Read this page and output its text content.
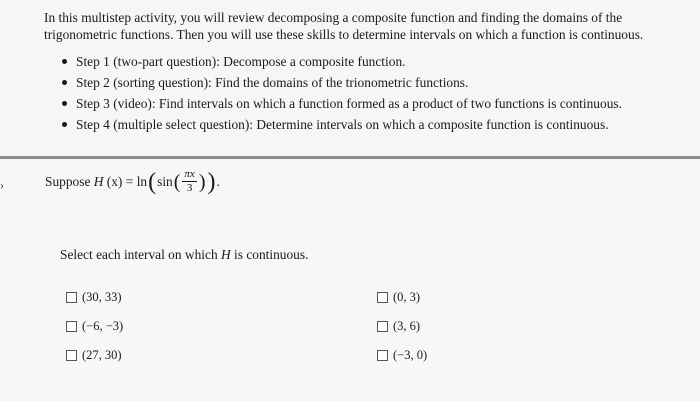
In this multistep activity, you will review decomposing a composite function and finding the domains of the trigonometric functions. Then you will use these skills to determine intervals on which a function is continuous.
Step 1 (two-part question): Decompose a composite function.
Step 2 (sorting question): Find the domains of the trionometric functions.
Step 3 (video): Find intervals on which a function formed as a product of two functions is continuous.
Step 4 (multiple select question): Determine intervals on which a composite function is continuous.
›	Suppose
H
(x)
=
ln ( sin ( $\frac{\pi x}{3}$ ) ) .
Select each interval on which H is continuous.
(30, 33)	(0, 3)
(−6, −3)	(3, 6)
(27, 30)	(−3, 0)
